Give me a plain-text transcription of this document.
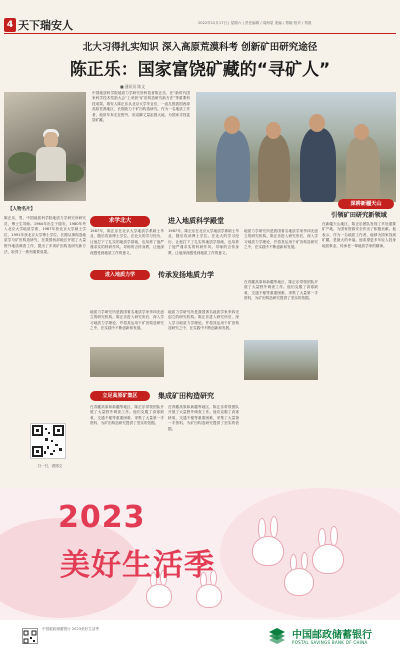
4 天下瑞安人	2022年12月17日 | 星期六 | 责任编辑 / 周海星 美编 / 郑晓 校对 / 郑晨
北大习得扎实知识 深入高原荒漠科考 创新矿田研究途径
陈正乐：国家富饶矿藏的“寻矿人”
■ 通讯员 陈文
【人物名片】
陈正乐，男，中国地质科学院地质力学研究所研究员，博士生导师。1964年出生于瑞安。1980年考入北京大学地质学系，1987年获北京大学硕士学位，1991年获北京大学博士学位。长期从事构造地质学与矿田构造研究，在我国西部地区开展了大量野外地质调查工作，提出了多项矿田构造研究新方法，取得了一系列重要成果。
扫一扫，看图文
中国地质科学院地质力学研究所科技者陈正乐，在“新时代国家科学技术奖励大会”上荣获“矿田构造研究新方法”等重要科技成果。瑞安人陈正乐从北京大学毕业后，一直扎根我国西部高原荒漠地区，长期致力于矿田构造研究。作为一名地质工作者，他常年奔走在野外，用双脚丈量祖国大地，为国家寻找富饶矿藏。
求学北大	进入地质科学殿堂
1987年，陈正乐在北京大学地质学系硕士毕业，随后攻读博士学位。在北大的学习经历，让他打下了扎实的地质学基础，也培养了他严谨求实的科研作风。导师的言传身教，让他深深感受到地质工作的意义。
1987年，陈正乐在北京大学地质学系硕士毕业，随后攻读博士学位。在北大的学习经历，让他打下了扎实的地质学基础，也培养了他严谨求实的科研作风。导师的言传身教，让他深深感受到地质工作的意义。
进入地质力学	传承发扬地质力学
地质力学研究所是我国著名地质学家李四光创立的研究机构。陈正乐进入研究所后，深入学习地质力学理论，并将其运用于矿田构造研究之中，在实践中不断创新和发展。
地质力学研究所是我国著名地质学家李四光创立的研究机构。陈正乐进入研究所后，深入学习地质力学理论，并将其运用于矿田构造研究之中，在实践中不断创新和发展。
立足高原矿集区	集成矿田构造研究
在青藏高原和新疆等地区，陈正乐带领团队开展了大量野外调查工作。他们克服了高寒缺氧、交通不便等重重困难，采集了大量第一手资料，为矿田构造研究提供了坚实的依据。
在青藏高原和新疆等地区，陈正乐带领团队开展了大量野外调查工作。他们克服了高寒缺氧、交通不便等重重困难，采集了大量第一手资料，为矿田构造研究提供了坚实的依据。
地质力学研究所是我国著名地质学家李四光创立的研究机构。陈正乐进入研究所后，深入学习地质力学理论，并将其运用于矿田构造研究之中，在实践中不断创新和发展。
在青藏高原和新疆等地区，陈正乐带领团队开展了大量野外调查工作。他们克服了高寒缺氧、交通不便等重重困难，采集了大量第一手资料，为矿田构造研究提供了坚实的依据。
深耕新疆天山
引领矿田研究新领域
在新疆天山地区，陈正乐团队发现了多处重要矿产地，为国家资源安全作出了积极贡献。他表示，作为一名地质工作者，能够为国家找到矿藏，是最大的幸福。他希望更多年轻人投身地质事业，传承老一辈地质学家的精神。
2023
美好生活季
中国邮政储蓄银行 2023美好生活季
中国邮政储蓄银行
POSTAL SAVINGS BANK OF CHINA
